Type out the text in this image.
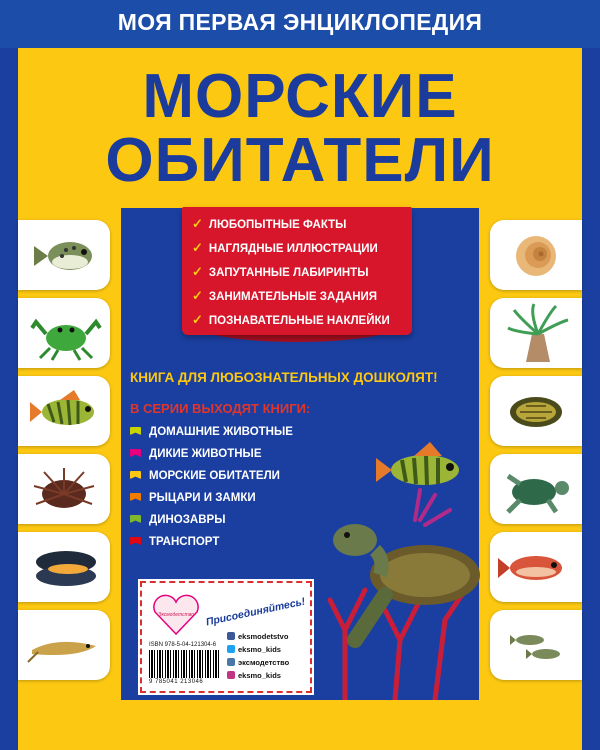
МОЯ ПЕРВАЯ ЭНЦИКЛОПЕДИЯ
МОРСКИЕ
ОБИТАТЕЛИ
✓ ЛЮБОПЫТНЫЕ ФАКТЫ
✓ НАГЛЯДНЫЕ ИЛЛЮСТРАЦИИ
✓ ЗАПУТАННЫЕ ЛАБИРИНТЫ
✓ ЗАНИМАТЕЛЬНЫЕ ЗАДАНИЯ
✓ ПОЗНАВАТЕЛЬНЫЕ НАКЛЕЙКИ
КНИГА ДЛЯ ЛЮБОЗНАТЕЛЬНЫХ ДОШКОЛЯТ!
В СЕРИИ ВЫХОДЯТ КНИГИ:
ДОМАШНИЕ ЖИВОТНЫЕ
ДИКИЕ ЖИВОТНЫЕ
МОРСКИЕ ОБИТАТЕЛИ
РЫЦАРИ И ЗАМКИ
ДИНОЗАВРЫ
ТРАНСПОРТ
Эксмодетство Присоединяйтесь!
ISBN 978-5-04-121304-6
9 785041 213046
eksmodetstvo
eksmo_kids
эксмодетство
eksmo_kids
